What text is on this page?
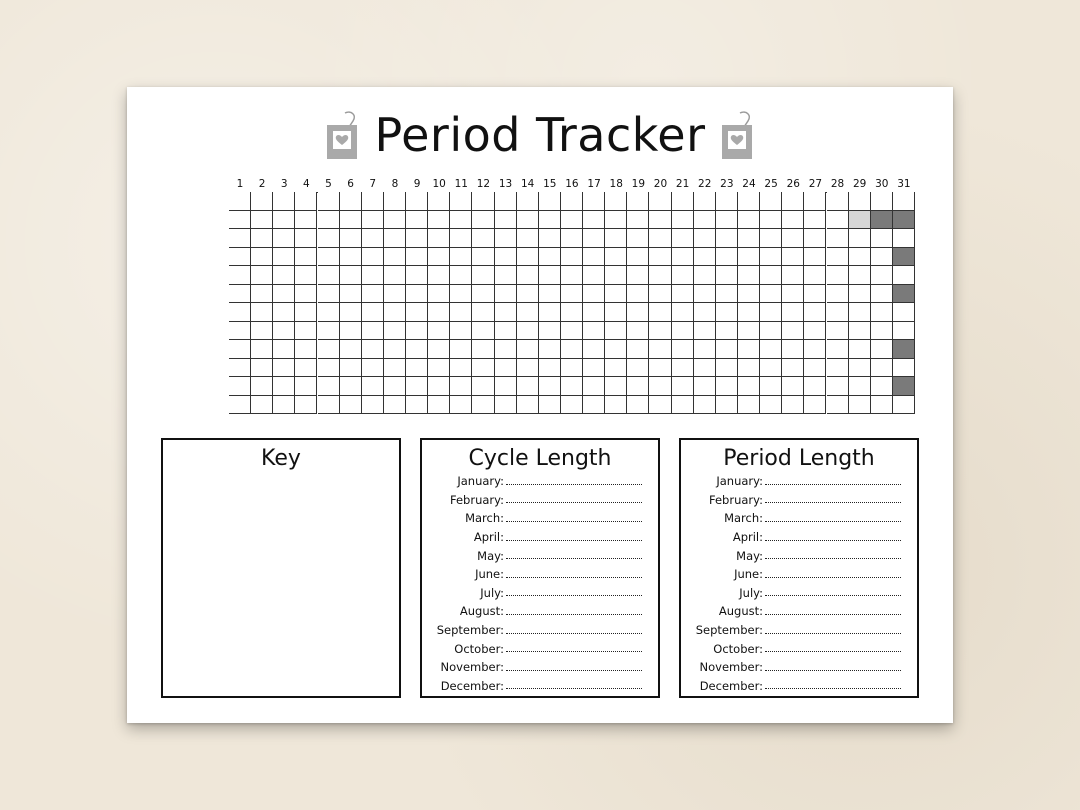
Period Tracker
1	2	3	4	5	6	7	8	9	10 11 12 13 14 15 16 17 18 19 20 21 22 23 24 25 26 27 28 29 30 31
Key	Cycle Length
January:
February:
March:
April:
May:
June:
July:
August:
September:
October:
November:
December:
Period Length
January:
February:
March:
April:
May:
June:
July:
August:
September:
October:
November:
December:
